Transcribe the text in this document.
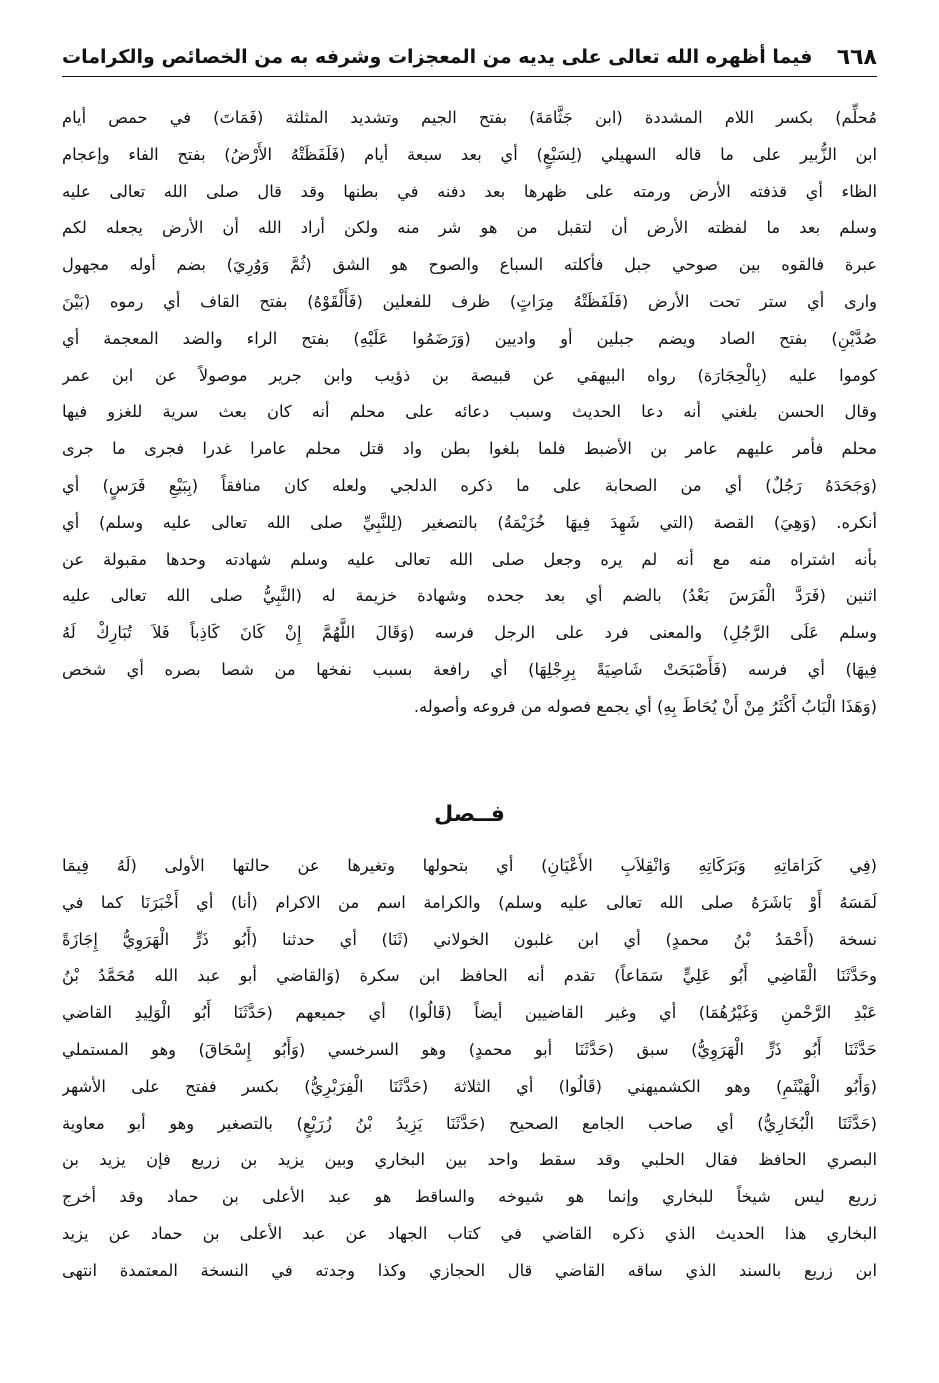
٦٦٨
فيما أظهره الله تعالى على يديه من المعجزات وشرفه به من الخصائص والكرامات
مُحلِّم) بكسر اللام المشددة (ابن جَثَّامَةَ) بفتح الجيم وتشديد المثلثة (فَمَاتَ) في حمص أيام
ابن الزُّبير على ما قاله السهيلي (لِسَبْعٍ) أي بعد سبعة أيام (فَلَفَظَتْهُ الأَرْضُ) بفتح الفاء وإعجام
الظاء أي قذفته الأرض ورمته على ظهرها بعد دفنه في بطنها وقد قال صلى الله تعالى عليه
وسلم بعد ما لفظته الأرض أن لتقبل من هو شر منه ولكن أراد الله أن الأرض يجعله لكم
عبرة فالقوه بين صوحي جبل فأكلته السباع والصوح هو الشق (ثُمَّ وَوُرِيَ) بضم أوله مجهول
وارى أي ستر تحت الأرض (فَلَفَظَتْهُ مِرَاتٍ) ظرف للفعلين (فَأَلْقَوْهُ) بفتح القاف أي رموه (بَيْنَ
صُدَّيْنِ) بفتح الصاد ويضم جبلين أو واديين (وَرَضَمُوا عَلَيْهِ) بفتح الراء والضد المعجمة أي
كوموا عليه (بِالْحِجَارَة) رواه البيهقي عن قبيصة بن ذؤيب وابن جرير موصولاً عن ابن عمر
وقال الحسن بلغني أنه دعا الحديث وسبب دعائه على محلم أنه كان بعث سرية للغزو فيها
محلم فأمر عليهم عامر بن الأضبط فلما بلغوا بطن واد قتل محلم عامرا غدرا فجرى ما جرى
(وَجَحَدَهُ رَجُلٌ) أي من الصحابة على ما ذكره الدلجي ولعله كان منافقاً (بِبَيْعِ فَرَسٍ) أي
أنكره. (وَهِيَ) القصة (التي شَهِدَ فِيهَا خُزَيْمَةُ) بالتصغير (لِلنَّبِيِّ صلى الله تعالى عليه وسلم) أي
بأنه اشتراه منه مع أنه لم يره وجعل صلى الله تعالى عليه وسلم شهادته وحدها مقبولة عن
اثنين (فَرَدَّ الْفَرَسَ بَعْدُ) بالضم أي بعد جحده وشهادة خزيمة له (النَّبِيُّ صلى الله تعالى عليه
وسلم عَلَى الرَّجُلِ) والمعنى فرد على الرجل فرسه (وَقَالَ اللَّهُمَّ إِنْ كَانَ كَاذِباً فَلاَ تُبَارِكْ لَهُ
فِيهَا) أي فرسه (فَأَصْبَحَتْ شَاصِيَةً بِرِجْلِهَا) أي رافعة بسبب نفخها من شصا بصره أي شخص
(وَهَذَا الْبَابُ أَكْثَرُ مِنْ أَنْ يُحَاطَ بِهِ) أي يجمع فصوله من فروعه وأصوله.
فــصل
(فِي كَرَامَاتِهِ وَبَرَكَاتِهِ وَانْقِلاَبِ الأَعْيَانِ) أي بتحولها وتغيرها عن حالتها الأولى (لَهُ فِيمَا
لَمَسَهُ أَوْ بَاشَرَهُ صلى الله تعالى عليه وسلم) والكرامة اسم من الاكرام (أنا) أي أَخْبَرَنَا كما في
نسخة (أَحْمَدُ بْنُ محمدٍ) أي ابن غلبون الخولاني (ثَنَا) أي حدثنا (أَبُو ذَرٍّ الْهَرَوِيُّ إِجَازَةً
وحَدَّثَنَا الْقَاضِي أَبُو عَلِيٍّ سَمَاعاً) تقدم أنه الحافظ ابن سكرة (وَالقاضي أبو عبد الله مُحَمَّدُ بْنُ
عَبْدِ الرَّحْمنِ وَغَيْرُهُمَا) أي وغير القاضيين أيضاً (قَالُوا) أي جميعهم (حَدَّثَنَا أَبُو الْوَلِيدِ القاضي
حَدَّثَنَا أَبُو ذَرٍّ الْهَرَوِيُّ) سبق (حَدَّثَنَا أبو محمدٍ) وهو السرخسي (وَأَبُو إِسْحَاقَ) وهو المستملي
(وَأَبُو الْهَيْثَمِ) وهو الكشميهني (قَالُوا) أي الثلاثة (حَدَّثَنَا الْفِرَبْرِيُّ) بكسر ففتح على الأشهر
(حَدَّثَنَا الْبُخَارِيُّ) أي صاحب الجامع الصحيح (حَدَّثَنَا يَزِيدُ بْنُ زُرَيْعٍ) بالتصغير وهو أبو معاوية
البصري الحافظ فقال الحلبي وقد سقط واحد بين البخاري وبين يزيد بن زريع فإن يزيد بن
زريع ليس شيخاً للبخاري وإنما هو شيوخه والساقط هو عبد الأعلى بن حماد وقد أخرج
البخاري هذا الحديث الذي ذكره القاضي في كتاب الجهاد عن عبد الأعلى بن حماد عن يزيد
ابن زريع بالسند الذي ساقه القاضي قال الحجازي وكذا وجدته في النسخة المعتمدة انتهى
